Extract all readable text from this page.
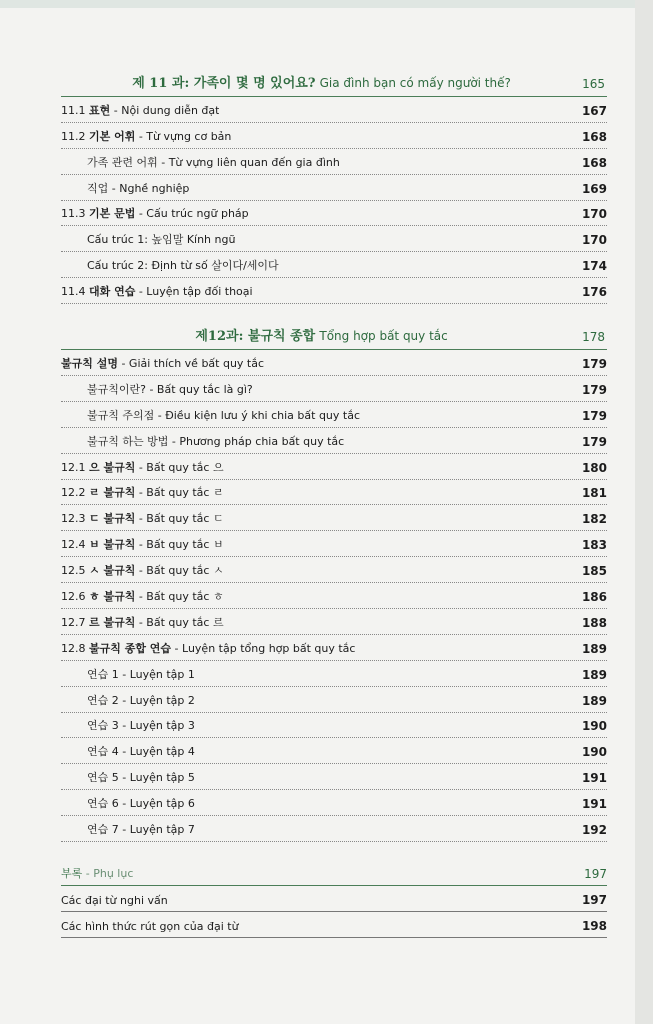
제 11 과: 가족이 몇 명 있어요? Gia đình bạn có mấy người thế?	165
11.1 표현 - Nội dung diễn đạt	167
11.2 기본 어휘 - Từ vựng cơ bản	168
가족 관련 어휘 - Từ vựng liên quan đến gia đình	168
직업 - Nghề nghiệp	169
11.3 기본 문법 - Cấu trúc ngữ pháp	170
Cấu trúc 1: 높임말 Kính ngữ	170
Cấu trúc 2: Định từ số 살이다/세이다	174
11.4 대화 연습 - Luyện tập đối thoại	176
제12과: 불규칙 종합 Tổng hợp bất quy tắc	178
불규칙 설명 - Giải thích về bất quy tắc	179
불규칙이란? - Bất quy tắc là gì?	179
불규칙 주의점 - Điều kiện lưu ý khi chia bất quy tắc	179
불규칙 하는 방법 - Phương pháp chia bất quy tắc	179
12.1 으 불규칙 - Bất quy tắc 으	180
12.2 ㄹ 불규칙 - Bất quy tắc ㄹ	181
12.3 ㄷ 불규칙 - Bất quy tắc ㄷ	182
12.4 ㅂ 불규칙 - Bất quy tắc ㅂ	183
12.5 ㅅ 불규칙 - Bất quy tắc ㅅ	185
12.6 ㅎ 불규칙 - Bất quy tắc ㅎ	186
12.7 르 불규칙 - Bất quy tắc 르	188
12.8 불규칙 종합 연습 - Luyện tập tổng hợp bất quy tắc	189
연습 1 - Luyện tập 1	189
연습 2 - Luyện tập 2	189
연습 3 - Luyện tập 3	190
연습 4 - Luyện tập 4	190
연습 5 - Luyện tập 5	191
연습 6 - Luyện tập 6	191
연습 7 - Luyện tập 7	192
부록 - Phụ lục	197
Các đại từ nghi vấn	197
Các hình thức rút gọn của đại từ	198
